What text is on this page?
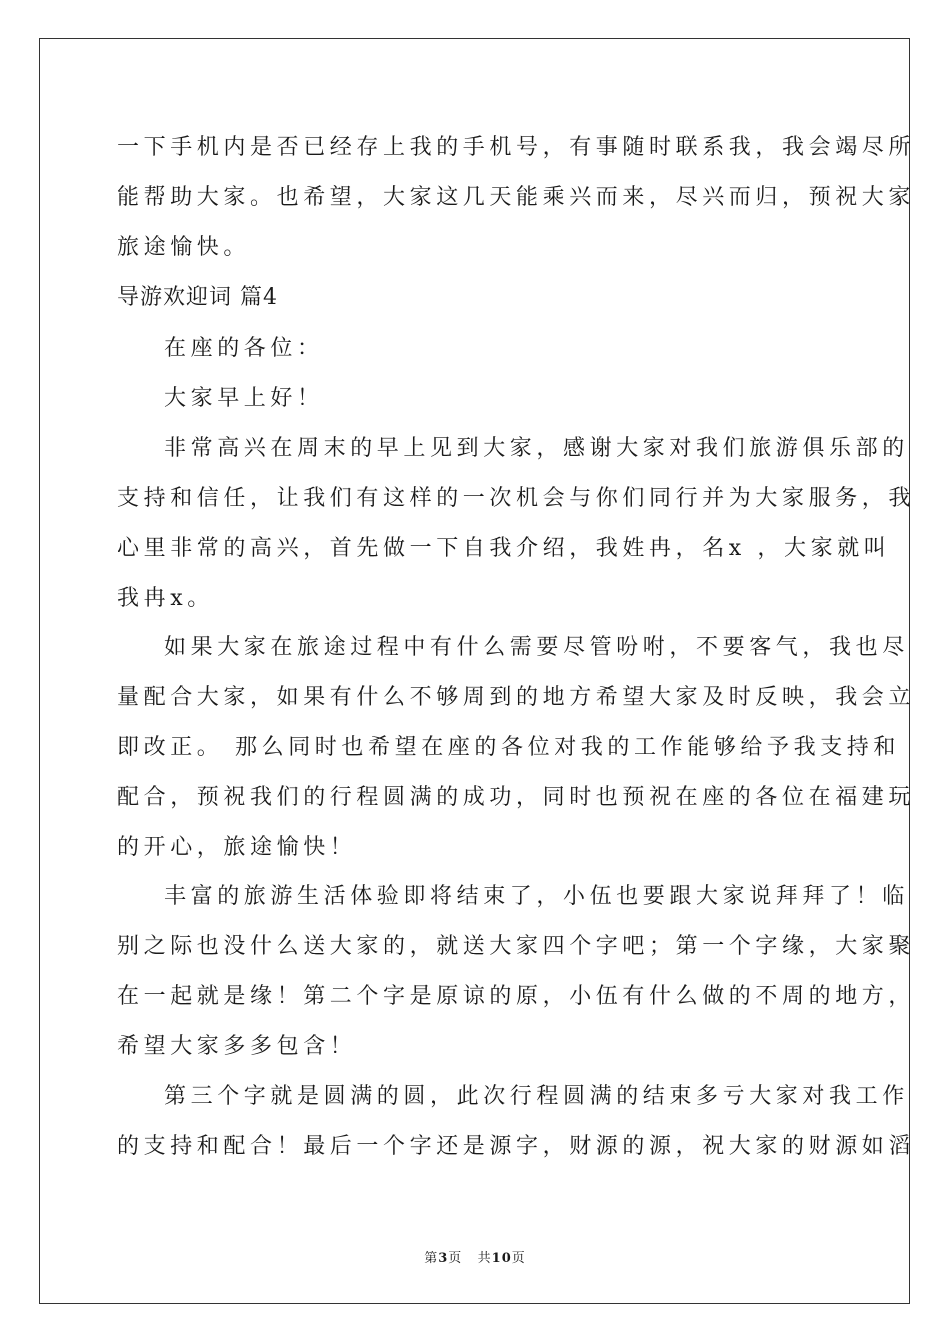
一下手机内是否已经存上我的手机号，有事随时联系我，我会竭尽所
能帮助大家。也希望，大家这几天能乘兴而来，尽兴而归，预祝大家
旅途愉快。
导游欢迎词 篇4
在座的各位：
大家早上好！
非常高兴在周末的早上见到大家，感谢大家对我们旅游俱乐部的
支持和信任，让我们有这样的一次机会与你们同行并为大家服务，我
心里非常的高兴，首先做一下自我介绍，我姓冉，名x ，大家就叫
我冉x。
如果大家在旅途过程中有什么需要尽管吩咐，不要客气，我也尽
量配合大家，如果有什么不够周到的地方希望大家及时反映，我会立
即改正。 那么同时也希望在座的各位对我的工作能够给予我支持和
配合，预祝我们的行程圆满的成功，同时也预祝在座的各位在福建玩
的开心，旅途愉快！
丰富的旅游生活体验即将结束了，小伍也要跟大家说拜拜了！临
别之际也没什么送大家的，就送大家四个字吧；第一个字缘，大家聚
在一起就是缘！第二个字是原谅的原，小伍有什么做的不周的地方，
希望大家多多包含！
第三个字就是圆满的圆，此次行程圆满的结束多亏大家对我工作
的支持和配合！最后一个字还是源字，财源的源，祝大家的财源如滔
第3页   共10页
